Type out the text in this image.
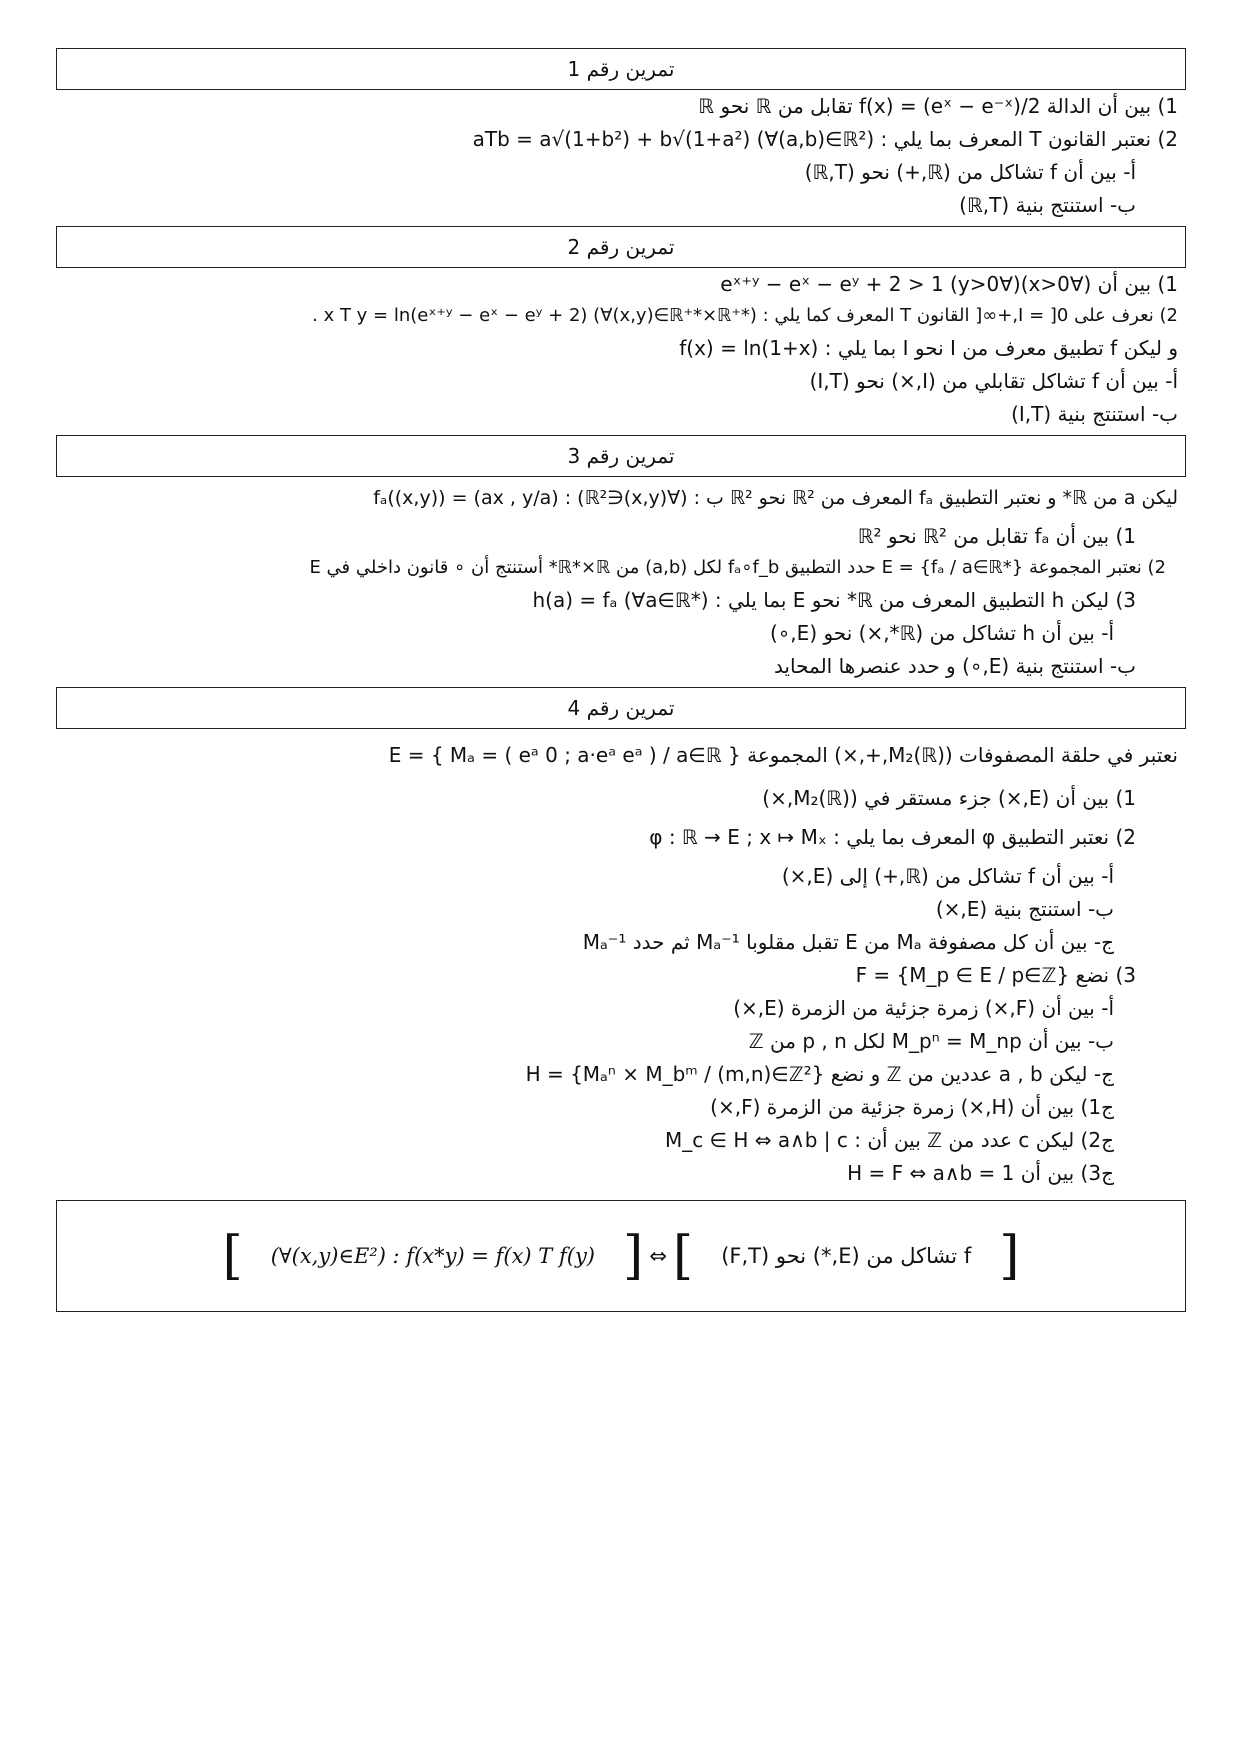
تمرين رقم 1
1) بين أن الدالة f(x) = (eˣ − e⁻ˣ)/2 تقابل من ℝ نحو ℝ
2) نعتبر القانون T المعرف بما يلي : aTb = a√(1+b²) + b√(1+a²) (∀(a,b)∈ℝ²)
أ- بين أن f تشاكل من (ℝ,+) نحو (ℝ,T)
ب- استنتج بنية (ℝ,T)
تمرين رقم 2
1) بين أن (∀x>0)(∀y>0) eˣ⁺ʸ − eˣ − eʸ + 2 > 1
2) نعرف على I = ]0,+∞[ القانون T المعرف كما يلي : x T y = ln(eˣ⁺ʸ − eˣ − eʸ + 2) (∀(x,y)∈ℝ⁺*×ℝ⁺*) .
و ليكن f تطبيق معرف من I نحو I بما يلي : f(x) = ln(1+x)
أ- بين أن f تشاكل تقابلي من (I,×) نحو (I,T)
ب- استنتج بنية (I,T)
تمرين رقم 3
ليكن a من ℝ* و نعتبر التطبيق fₐ المعرف من ℝ² نحو ℝ² ب : (∀(x,y)∈ℝ²) : fₐ((x,y)) = (ax , y/a)
1) بين أن fₐ تقابل من ℝ² نحو ℝ²
2) نعتبر المجموعة E = {fₐ / a∈ℝ*} حدد التطبيق fₐ∘f_b لكل (a,b) من ℝ*×ℝ* أستنتج أن ∘ قانون داخلي في E
3) ليكن h التطبيق المعرف من ℝ* نحو E بما يلي : h(a) = fₐ (∀a∈ℝ*)
أ- بين أن h تشاكل من (ℝ*,×) نحو (E,∘)
ب- استنتج بنية (E,∘) و حدد عنصرها المحايد
تمرين رقم 4
نعتبر في حلقة المصفوفات (M₂(ℝ),+,×) المجموعة E = { Mₐ = ( eᵃ 0 ; a·eᵃ eᵃ ) / a∈ℝ }
1) بين أن (E,×) جزء مستقر في (M₂(ℝ),×)
2) نعتبر التطبيق φ المعرف بما يلي : φ : ℝ → E ; x ↦ Mₓ
أ- بين أن f تشاكل من (ℝ,+) إلى (E,×)
ب- استنتج بنية (E,×)
ج- بين أن كل مصفوفة Mₐ من E تقبل مقلوبا Mₐ⁻¹ ثم حدد Mₐ⁻¹
3) نضع F = {M_p ∈ E / p∈ℤ}
أ- بين أن (F,×) زمرة جزئية من الزمرة (E,×)
ب- بين أن M_pⁿ = M_np لكل p , n من ℤ
ج- ليكن a , b عددين من ℤ و نضع H = {Mₐⁿ × M_bᵐ / (m,n)∈ℤ²}
ج1) بين أن (H,×) زمرة جزئية من الزمرة (F,×)
ج2) ليكن c عدد من ℤ بين أن : M_c ∈ H ⇔ a∧b | c
ج3) بين أن H = F ⇔ a∧b = 1
[	(∀(x,y)∈E²) : f(x*y) = f(x) T f(y) ] ⇔ [	f تشاكل من (E,*) نحو (F,T) ]
